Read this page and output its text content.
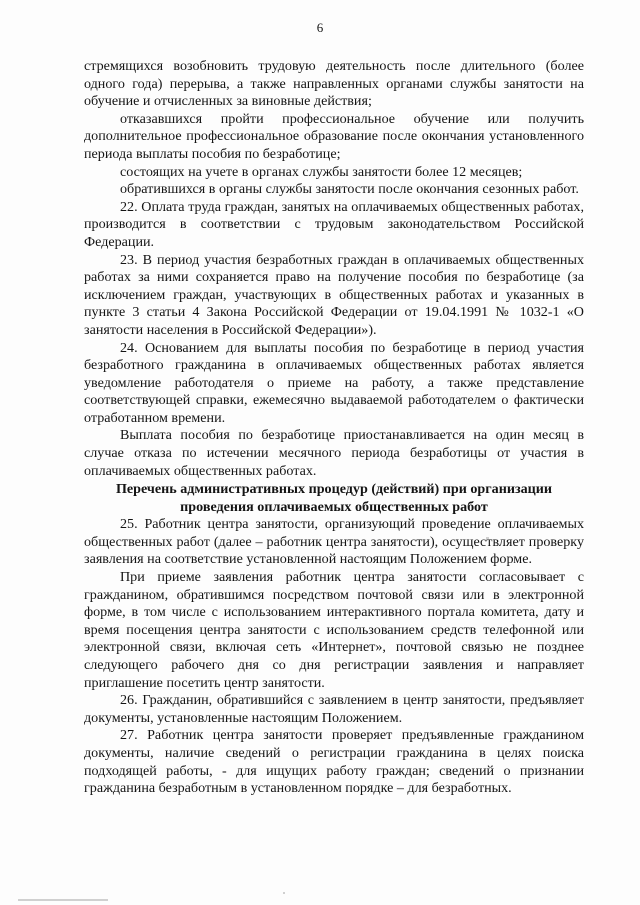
6

стремящихся возобновить трудовую деятельность после длительного (более одного года) перерыва, а также направленных органами службы занятости на обучение и отчисленных за виновные действия;

отказавшихся пройти профессиональное обучение или получить дополнительное профессиональное образование после окончания установленного периода выплаты пособия по безработице;

состоящих на учете в органах службы занятости более 12 месяцев;

обратившихся в органы службы занятости после окончания сезонных работ.

22. Оплата труда граждан, занятых на оплачиваемых общественных работах, производится в соответствии с трудовым законодательством Российской Федерации.

23. В период участия безработных граждан в оплачиваемых общественных работах за ними сохраняется право на получение пособия по безработице (за исключением граждан, участвующих в общественных работах и указанных в пункте 3 статьи 4 Закона Российской Федерации от 19.04.1991 № 1032-1 «О занятости населения в Российской Федерации»).

24. Основанием для выплаты пособия по безработице в период участия безработного гражданина в оплачиваемых общественных работах является уведомление работодателя о приеме на работу, а также представление соответствующей справки, ежемесячно выдаваемой работодателем о фактически отработанном времени.

Выплата пособия по безработице приостанавливается на один месяц в случае отказа по истечении месячного периода безработицы от участия в оплачиваемых общественных работах.

Перечень административных процедур (действий) при организации
проведения оплачиваемых общественных работ

25. Работник центра занятости, организующий проведение оплачиваемых общественных работ (далее – работник центра занятости), осуществляет проверку заявления на соответствие установленной настоящим Положением форме.

При приеме заявления работник центра занятости согласовывает с гражданином, обратившимся посредством почтовой связи или в электронной форме, в том числе с использованием интерактивного портала комитета, дату и время посещения центра занятости с использованием средств телефонной или электронной связи, включая сеть «Интернет», почтовой связью не позднее следующего рабочего дня со дня регистрации заявления и направляет приглашение посетить центр занятости.

26. Гражданин, обратившийся с заявлением в центр занятости, предъявляет документы, установленные настоящим Положением.

27. Работник центра занятости проверяет предъявленные гражданином документы, наличие сведений о регистрации гражданина в целях поиска подходящей работы, - для ищущих работу граждан; сведений о признании гражданина безработным в установленном порядке – для безработных.
